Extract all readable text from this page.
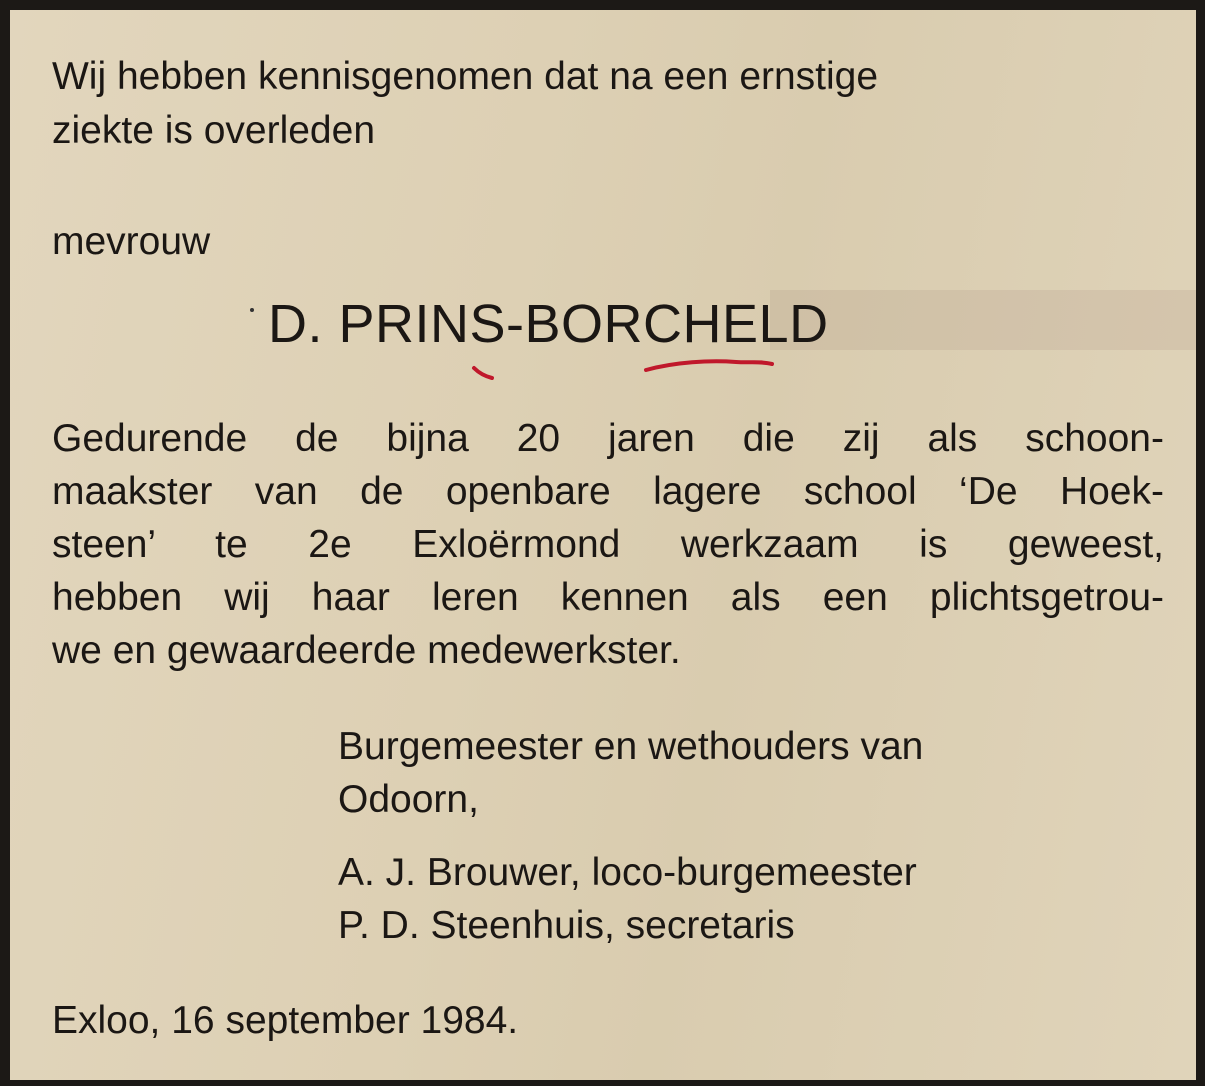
Wij hebben kennisgenomen dat na een ernstige
ziekte is overleden
mevrouw
D. PRINS-BORCHELD
Gedurende de bijna 20 jaren die zij als schoon-
maakster van de openbare lagere school ‘De Hoek-
steen’ te 2e Exloërmond werkzaam is geweest,
hebben wij haar leren kennen als een plichtsgetrou-
we en gewaardeerde medewerkster.
Burgemeester en wethouders van
Odoorn,
A. J. Brouwer, loco-burgemeester
P. D. Steenhuis, secretaris
Exloo, 16 september 1984.
